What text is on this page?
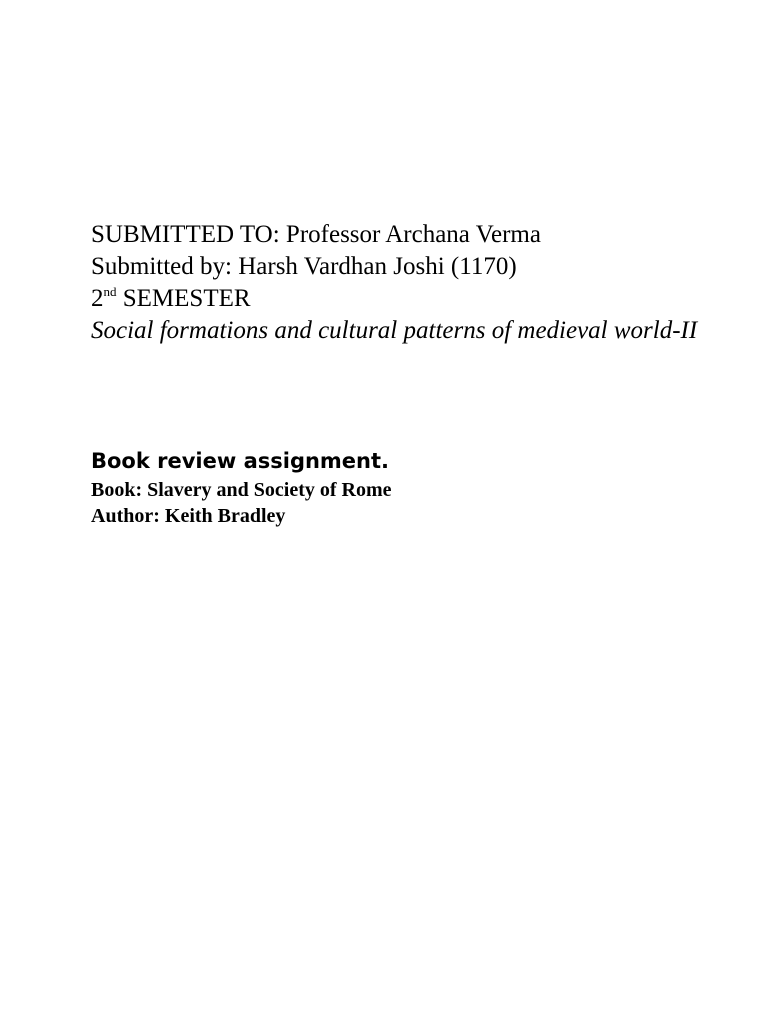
SUBMITTED TO: Professor Archana Verma
Submitted by: Harsh Vardhan Joshi (1170)
2nd SEMESTER
Social formations and cultural patterns of medieval world-II
Book review assignment.
Book: Slavery and Society of Rome
Author: Keith Bradley
